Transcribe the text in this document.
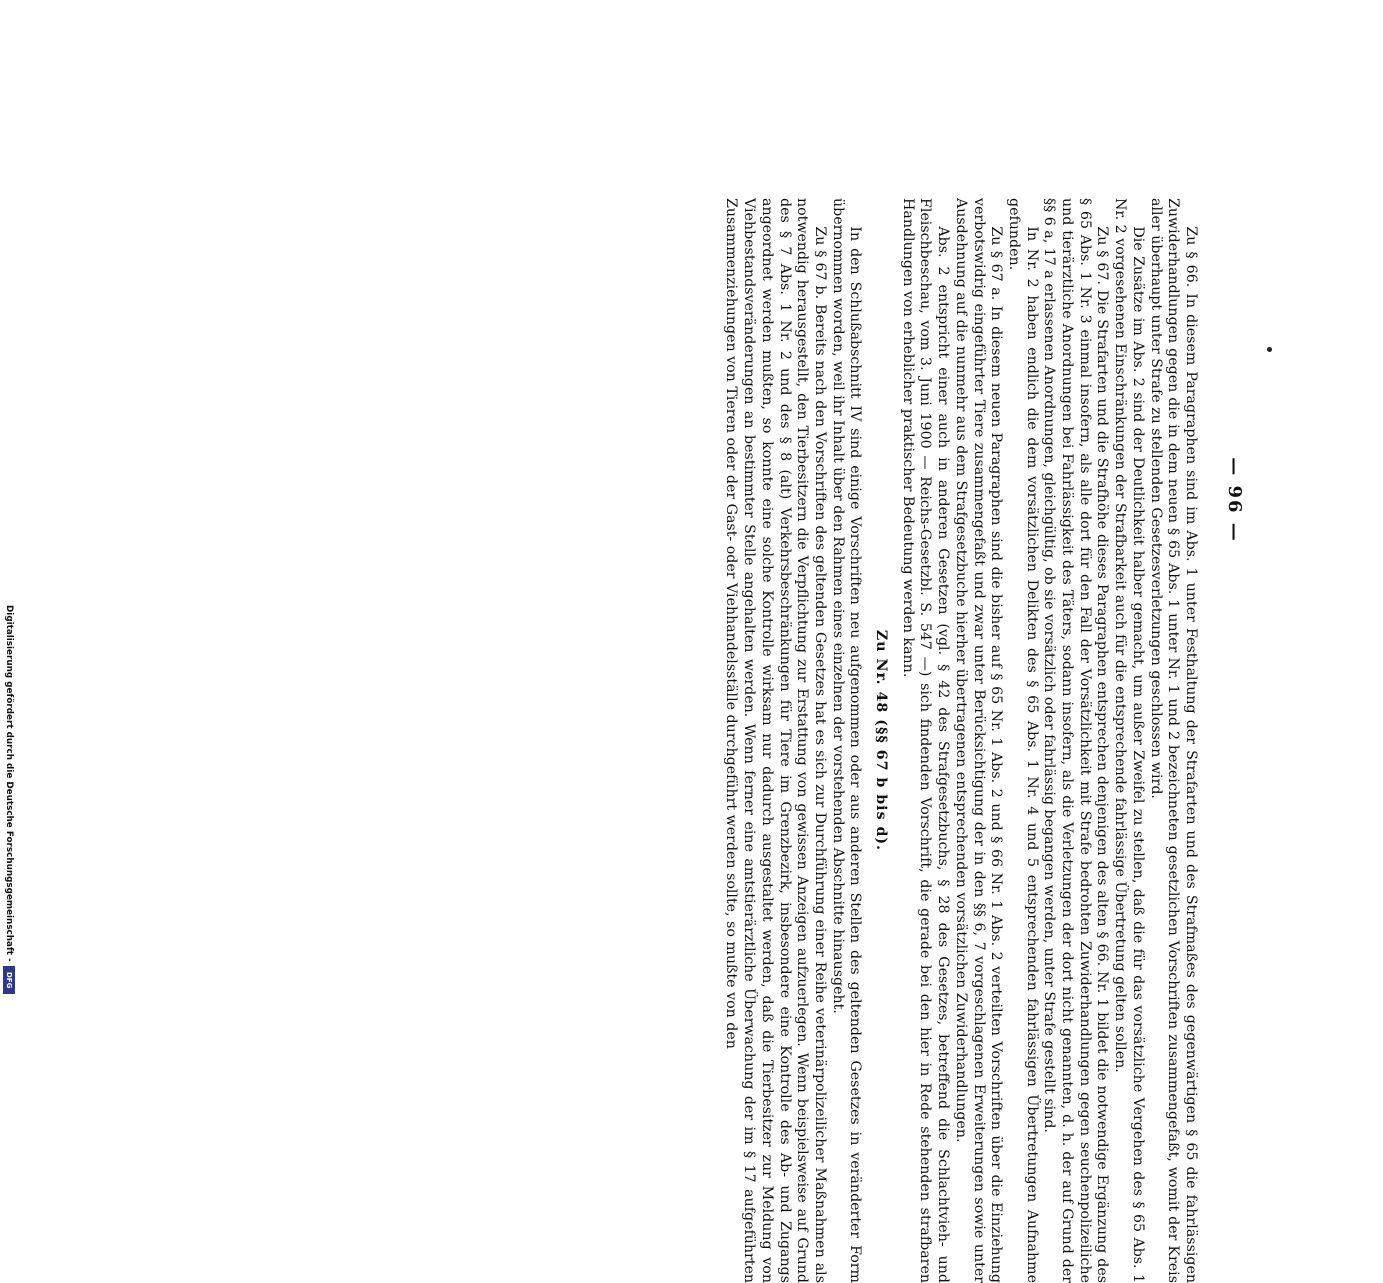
— 96 —

Zu § 66. In diesem Paragraphen sind im Abs. 1 unter Festhaltung der Strafarten und des Strafmaßes des gegenwärtigen § 65 die fahrlässigen Zuwiderhandlungen gegen die in dem neuen § 65 Abs. 1 unter Nr. 1 und 2 bezeichneten gesetzlichen Vorschriften zusammengefaßt, womit der Kreis aller überhaupt unter Strafe zu stellenden Gesetzesverletzungen geschlossen wird.

Die Zusätze im Abs. 2 sind der Deutlichkeit halber gemacht, um außer Zweifel zu stellen, daß die für das vorsätzliche Vergehen des § 65 Abs. 1 Nr. 2 vorgesehenen Einschränkungen der Strafbarkeit auch für die entsprechende fahrlässige Übertretung gelten sollen.

Zu § 67. Die Strafarten und die Strafhöhe dieses Paragraphen entsprechen denjenigen des alten § 66. Nr. 1 bildet die notwendige Ergänzung des § 65 Abs. 1 Nr. 3 einmal insofern, als alle dort für den Fall der Vorsätzlichkeit mit Strafe bedrohten Zuwiderhandlungen gegen seuchenpolizeiliche und tierärztliche Anordnungen bei Fahrlässigkeit des Täters, sodann insofern, als die Verletzungen der dort nicht genannten, d. h. der auf Grund der §§ 6 a, 17 a erlassenen Anordnungen, gleichgültig, ob sie vorsätzlich oder fahrlässig begangen werden, unter Strafe gestellt sind.

In Nr. 2 haben endlich die dem vorsätzlichen Delikten des § 65 Abs. 1 Nr. 4 und 5 entsprechenden fahrlässigen Übertretungen Aufnahme gefunden.

Zu § 67 a. In diesem neuen Paragraphen sind die bisher auf § 65 Nr. 1 Abs. 2 und § 66 Nr. 1 Abs. 2 verteilten Vorschriften über die Einziehung verbotswidrig eingeführter Tiere zusammengefaßt und zwar unter Berücksichtigung der in den §§ 6, 7 vorgeschlagenen Erweiterungen sowie unter Ausdehnung auf die nunmehr aus dem Strafgesetzbuche hierher übertragenen entsprechenden vorsätzlichen Zuwiderhandlungen.

Abs. 2 entspricht einer auch in anderen Gesetzen (vgl. § 42 des Strafgesetzbuchs, § 28 des Gesetzes, betreffend die Schlachtvieh- und Fleischbeschau, vom 3. Juni 1900 — Reichs-Gesetzbl. S. 547 —) sich findenden Vorschrift, die gerade bei den hier in Rede stehenden strafbaren Handlungen von erheblicher praktischer Bedeutung werden kann.

Zu Nr. 48 (§§ 67 b bis d).

In den Schlußabschnitt IV sind einige Vorschriften neu aufgenommen oder aus anderen Stellen des geltenden Gesetzes in veränderter Form übernommen worden, weil ihr Inhalt über den Rahmen eines einzelnen der vorstehenden Abschnitte hinausgeht.

Zu § 67 b. Bereits nach den Vorschriften des geltenden Gesetzes hat es sich zur Durchführung einer Reihe veterinärpolizeilicher Maßnahmen als notwendig herausgestellt, den Tierbesitzern die Verpflichtung zur Erstattung von gewissen Anzeigen aufzuerlegen. Wenn beispielsweise auf Grund des § 7 Abs. 1 Nr. 2 und des § 8 (alt) Verkehrsbeschränkungen für Tiere im Grenzbezirk, insbesondere eine Kontrolle des Ab- und Zugangs angeordnet werden mußten, so konnte eine solche Kontrolle wirksam nur dadurch ausgestaltet werden, daß die Tierbesitzer zur Meldung von Viehbestandsveränderungen an bestimmter Stelle angehalten werden. Wenn ferner eine amtstierärztliche Überwachung der im § 17 aufgeführten Zusammenziehungen von Tieren oder der Gast- oder Viehhandelsställe durchgeführt werden sollte, so mußte von den

Digitalisierung gefördert durch die Deutsche Forschungsgemeinschaft -
DFG
